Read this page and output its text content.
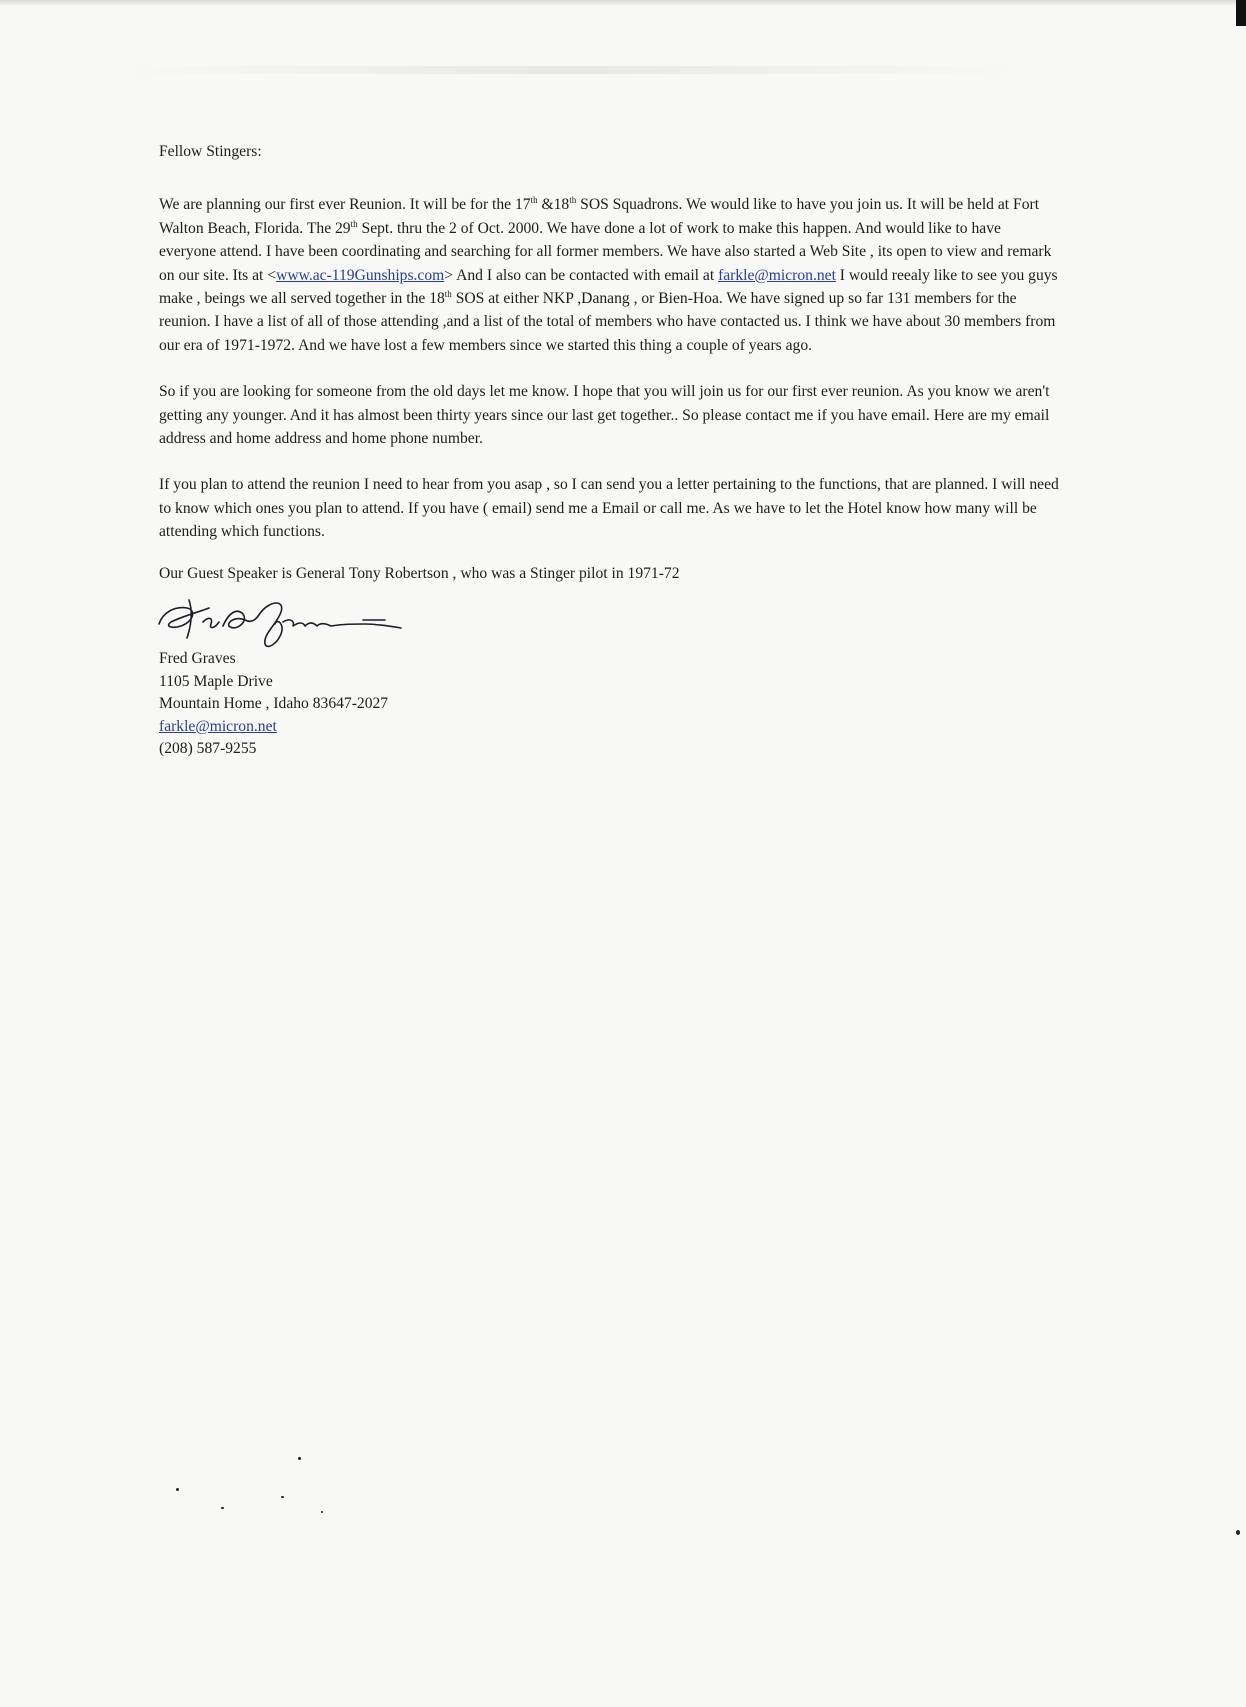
Fellow Stingers:

We are planning our first ever Reunion. It will be for the 17th &18th SOS Squadrons. We would like to have you join us. It will be held at Fort Walton Beach, Florida. The 29th Sept. thru the 2 of Oct. 2000. We have done a lot of work to make this happen. And would like to have everyone attend. I have been coordinating and searching for all former members. We have also started a Web Site , its open to view and remark on our site. Its at <www.ac-119Gunships.com> And I also can be contacted with email at farkle@micron.net I would reealy like to see you guys make , beings we all served together in the 18th SOS at either NKP ,Danang , or Bien-Hoa. We have signed up so far 131 members for the reunion. I have a list of all of those attending ,and a list of the total of members who have contacted us. I think we have about 30 members from our era of 1971-1972. And we have lost a few members since we started this thing a couple of years ago.

So if you are looking for someone from the old days let me know. I hope that you will join us for our first ever reunion. As you know we aren't getting any younger. And it has almost been thirty years since our last get together.. So please contact me if you have email. Here are my email address and home address and home phone number.

If you plan to attend the reunion I need to hear from you asap , so I can send you a letter pertaining to the functions, that are planned. I will need to know which ones you plan to attend. If you have ( email) send me a Email or call me. As we have to let the Hotel know how many will be attending which functions.

Our Guest Speaker is General Tony Robertson , who was a Stinger pilot in 1971-72

Fred Graves
1105 Maple Drive
Mountain Home , Idaho 83647-2027
farkle@micron.net
(208) 587-9255
